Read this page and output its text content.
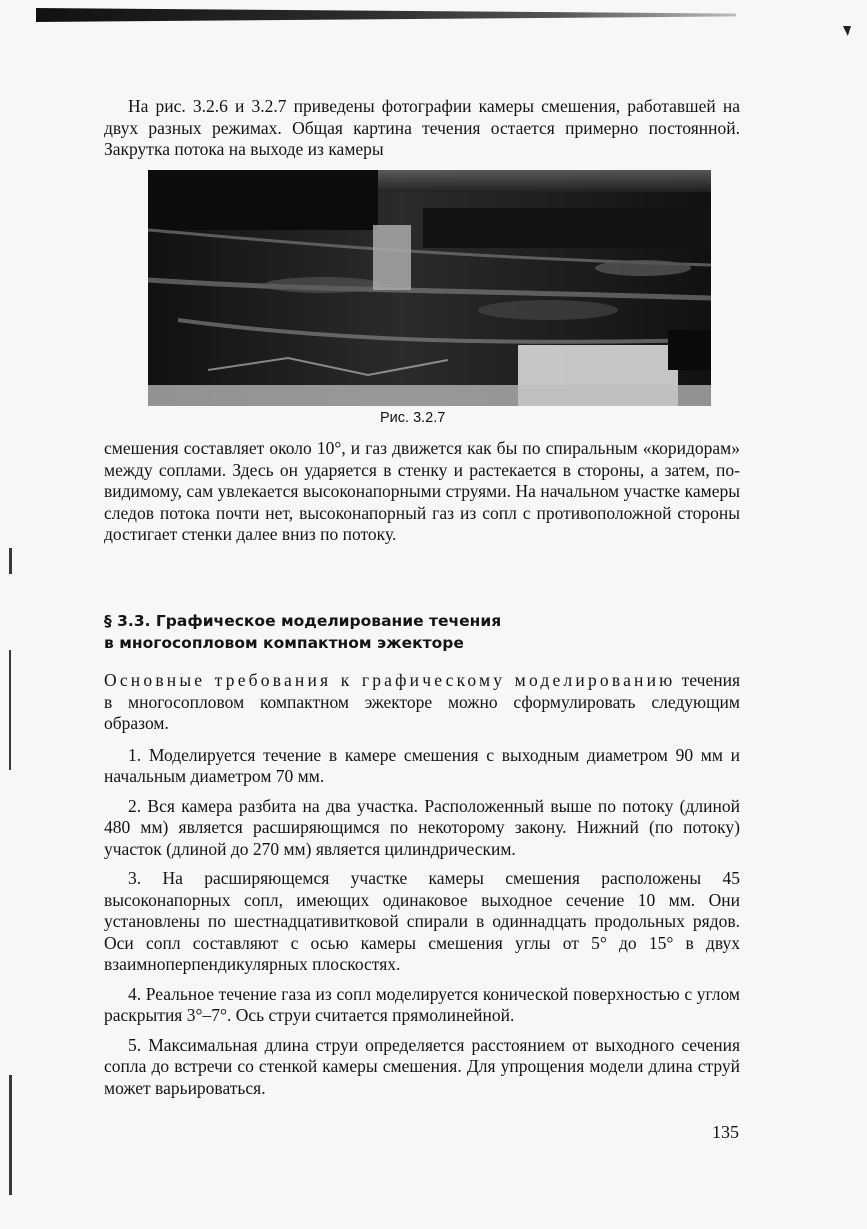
На рис. 3.2.6 и 3.2.7 приведены фотографии камеры смешения, работавшей на двух разных режимах. Общая картина течения остается примерно постоянной. Закрутка потока на выходе из камеры

Рис. 3.2.7

смешения составляет около 10°, и газ движется как бы по спиральным «коридорам» между соплами. Здесь он ударяется в стенку и растекается в стороны, а затем, по-видимому, сам увлекается высоконапорными струями. На начальном участке камеры следов потока почти нет, высоконапорный газ из сопл с противоположной стороны достигает стенки далее вниз по потоку.

§ 3.3. Графическое моделирование течения
в многосопловом компактном эжекторе

Основные требования к графическому моделированию течения в многосопловом компактном эжекторе можно сформулировать следующим образом.

1. Моделируется течение в камере смешения с выходным диаметром 90 мм и начальным диаметром 70 мм.

2. Вся камера разбита на два участка. Расположенный выше по потоку (длиной 480 мм) является расширяющимся по некоторому закону. Нижний (по потоку) участок (длиной до 270 мм) является цилиндрическим.

3. На расширяющемся участке камеры смешения расположены 45 высоконапорных сопл, имеющих одинаковое выходное сечение 10 мм. Они установлены по шестнадцативитковой спирали в одиннадцать продольных рядов. Оси сопл составляют с осью камеры смешения углы от 5° до 15° в двух взаимноперпендикулярных плоскостях.

4. Реальное течение газа из сопл моделируется конической поверхностью с углом раскрытия 3°–7°. Ось струи считается прямолинейной.

5. Максимальная длина струи определяется расстоянием от выходного сечения сопла до встречи со стенкой камеры смешения. Для упрощения модели длина струй может варьироваться.

135
